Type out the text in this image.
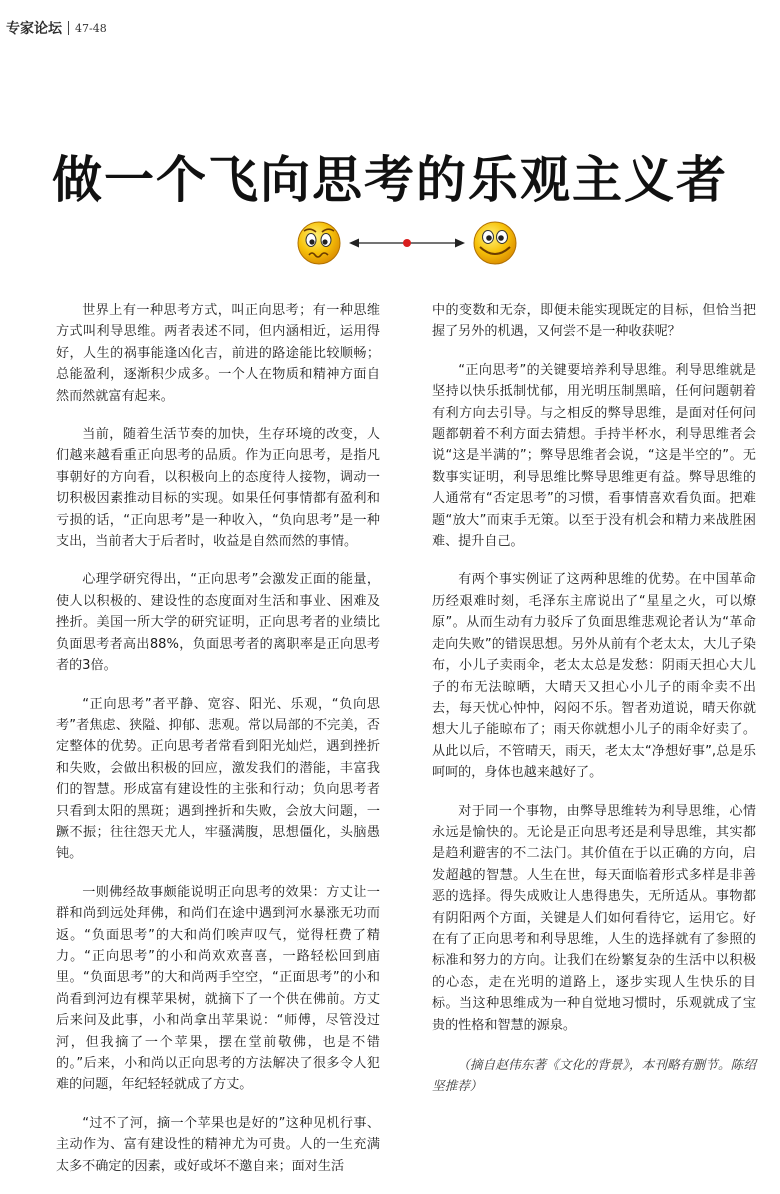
专家论坛 47-48
做一个飞向思考的乐观主义者

世界上有一种思考方式，叫正向思考；有一种思维方式叫利导思维。两者表述不同，但内涵相近，运用得好，人生的祸事能逢凶化吉，前进的路途能比较顺畅；总能盈利，逐渐积少成多。一个人在物质和精神方面自然而然就富有起来。

当前，随着生活节奏的加快，生存环境的改变，人们越来越看重正向思考的品质。作为正向思考，是指凡事朝好的方向看，以积极向上的态度待人接物，调动一切积极因素推动目标的实现。如果任何事情都有盈利和亏损的话，“正向思考”是一种收入，“负向思考”是一种支出，当前者大于后者时，收益是自然而然的事情。

心理学研究得出，“正向思考”会激发正面的能量，使人以积极的、建设性的态度面对生活和事业、困难及挫折。美国一所大学的研究证明，正向思考者的业绩比负面思考者高出88%，负面思考者的离职率是正向思考者的3倍。

“正向思考”者平静、宽容、阳光、乐观，“负向思考”者焦虑、狭隘、抑郁、悲观。常以局部的不完美，否定整体的优势。正向思考者常看到阳光灿烂，遇到挫折和失败，会做出积极的回应，激发我们的潜能，丰富我们的智慧。形成富有建设性的主张和行动；负向思考者只看到太阳的黑斑；遇到挫折和失败，会放大问题，一蹶不振；往往怨天尤人，牢骚满腹，思想僵化，头脑愚钝。

一则佛经故事颇能说明正向思考的效果：方丈让一群和尚到远处拜佛，和尚们在途中遇到河水暴涨无功而返。“负面思考”的大和尚们唉声叹气，觉得枉费了精力。“正向思考”的小和尚欢欢喜喜，一路轻松回到庙里。“负面思考”的大和尚两手空空，“正面思考”的小和尚看到河边有棵苹果树，就摘下了一个供在佛前。方丈后来问及此事，小和尚拿出苹果说：“师傅，尽管没过河，但我摘了一个苹果，摆在堂前敬佛，也是不错的。”后来，小和尚以正向思考的方法解决了很多令人犯难的问题，年纪轻轻就成了方丈。

“过不了河，摘一个苹果也是好的”这种见机行事、主动作为、富有建设性的精神尤为可贵。人的一生充满太多不确定的因素，或好或坏不邀自来；面对生活

中的变数和无奈，即便未能实现既定的目标，但恰当把握了另外的机遇，又何尝不是一种收获呢？

“正向思考”的关键要培养利导思维。利导思维就是坚持以快乐抵制忧郁，用光明压制黑暗，任何问题朝着有利方向去引导。与之相反的弊导思维，是面对任何问题都朝着不利方面去猜想。手持半杯水，利导思维者会说“这是半满的”；弊导思维者会说，“这是半空的”。无数事实证明，利导思维比弊导思维更有益。弊导思维的人通常有“否定思考”的习惯，看事情喜欢看负面。把难题“放大”而束手无策。以至于没有机会和精力来战胜困难、提升自己。

有两个事实例证了这两种思维的优势。在中国革命历经艰难时刻，毛泽东主席说出了“星星之火，可以燎原”。从而生动有力驳斥了负面思维悲观论者认为“革命走向失败”的错误思想。另外从前有个老太太，大儿子染布，小儿子卖雨伞，老太太总是发愁：阴雨天担心大儿子的布无法晾晒，大晴天又担心小儿子的雨伞卖不出去，每天忧心忡忡，闷闷不乐。智者劝道说，晴天你就想大儿子能晾布了；雨天你就想小儿子的雨伞好卖了。从此以后，不管晴天，雨天，老太太“净想好事”,总是乐呵呵的，身体也越来越好了。

对于同一个事物，由弊导思维转为利导思维，心情永远是愉快的。无论是正向思考还是利导思维，其实都是趋利避害的不二法门。其价值在于以正确的方向，启发超越的智慧。人生在世，每天面临着形式多样是非善恶的选择。得失成败让人患得患失，无所适从。事物都有阴阳两个方面，关键是人们如何看待它，运用它。好在有了正向思考和利导思维，人生的选择就有了参照的标准和努力的方向。让我们在纷繁复杂的生活中以积极的心态，走在光明的道路上，逐步实现人生快乐的目标。当这种思维成为一种自觉地习惯时，乐观就成了宝贵的性格和智慧的源泉。

（摘自赵伟东著《文化的背景》，本刊略有删节。陈绍坚推荐）
